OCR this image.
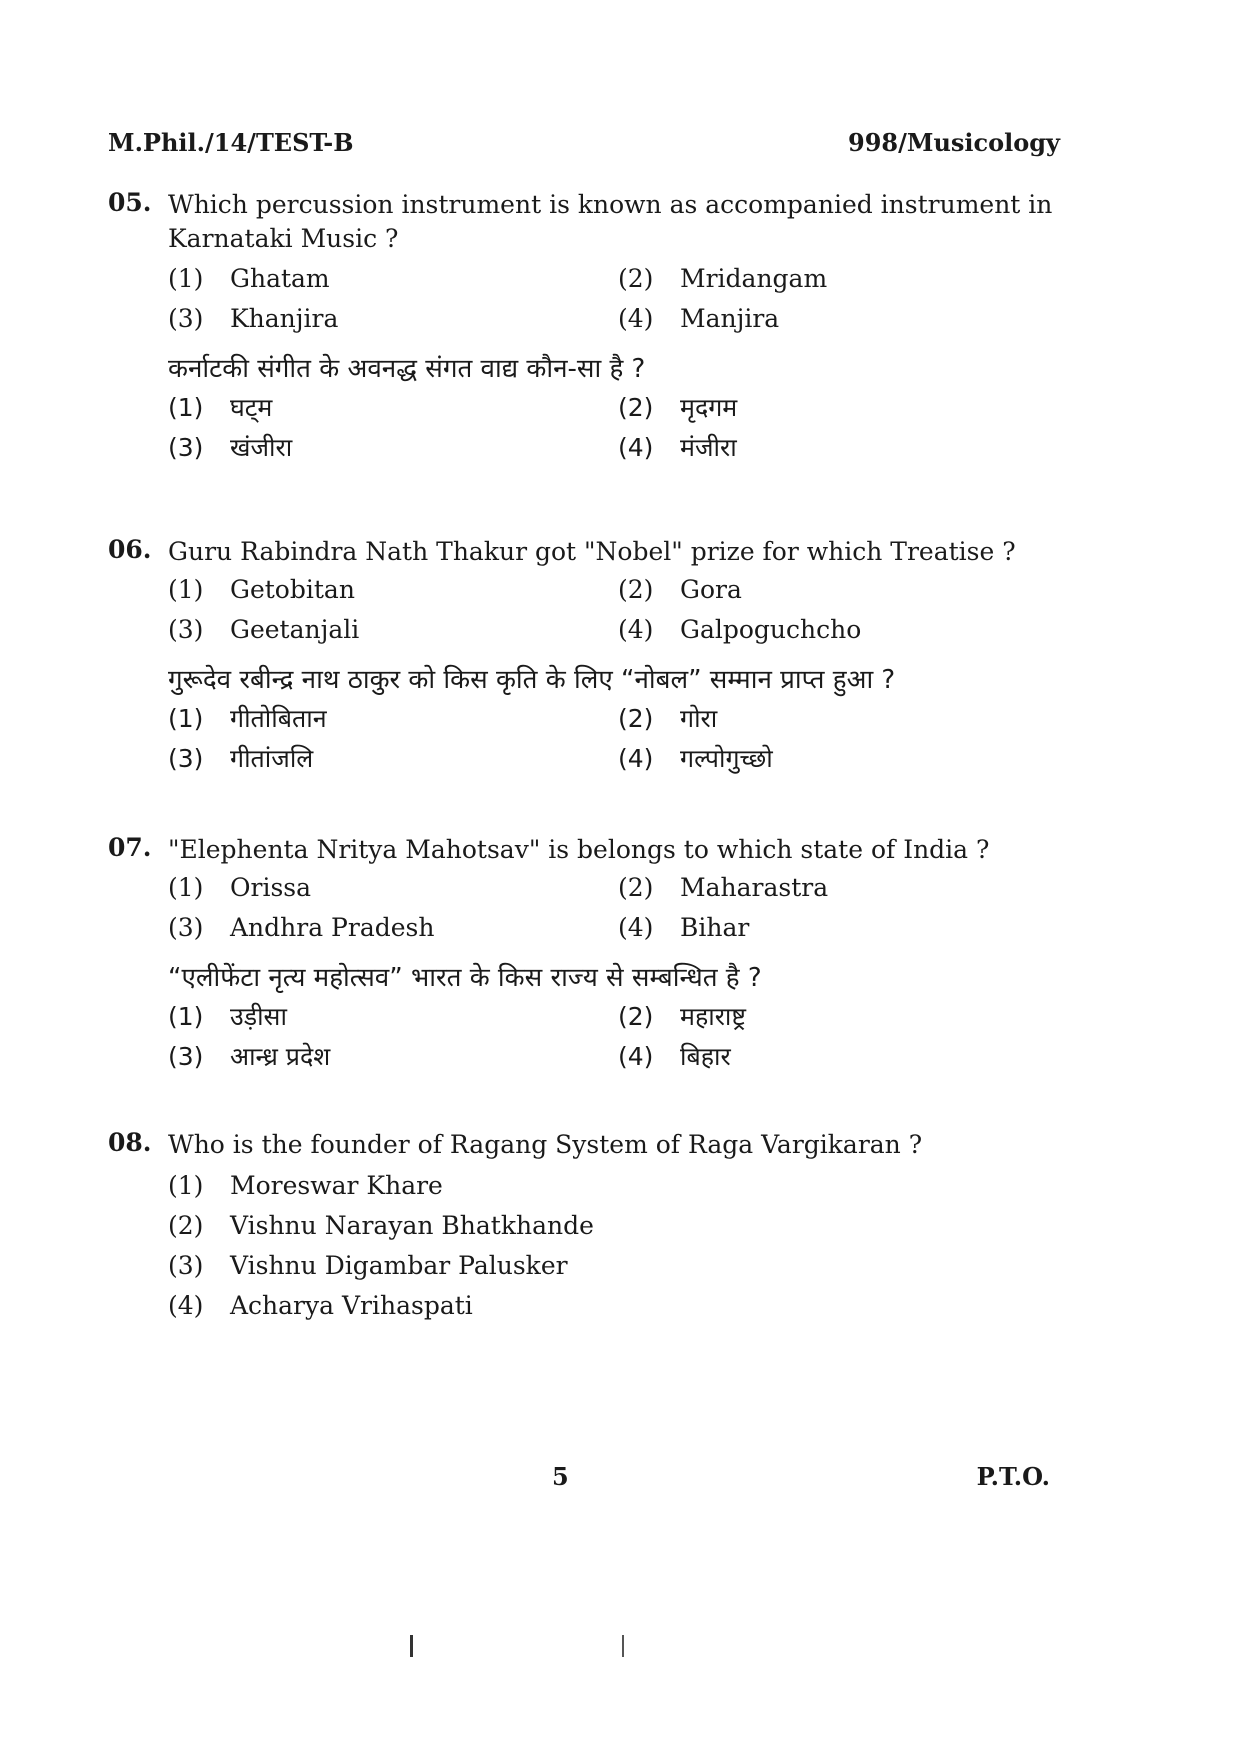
M.Phil./14/TEST-B	998/Musicology
05. Which percussion instrument is known as accompanied instrument in Karnataki Music ?
(1) Ghatam	(2) Mridangam
(3) Khanjira	(4) Manjira
कर्नाटकी संगीत के अवनद्ध संगत वाद्य कौन-सा है ?
(1) घट्म	(2) मृदगम
(3) खंजीरा	(4) मंजीरा
06. Guru Rabindra Nath Thakur got "Nobel" prize for which Treatise ?
(1) Getobitan	(2) Gora
(3) Geetanjali	(4) Galpoguchcho
गुरूदेव रबीन्द्र नाथ ठाकुर को किस कृति के लिए “नोबल” सम्मान प्राप्त हुआ ?
(1) गीतोबितान	(2) गोरा
(3) गीतांजलि	(4) गल्पोगुच्छो
07. "Elephenta Nritya Mahotsav" is belongs to which state of India ?
(1) Orissa	(2) Maharastra
(3) Andhra Pradesh	(4) Bihar
“एलीफेंटा नृत्य महोत्सव” भारत के किस राज्य से सम्बन्धित है ?
(1) उड़ीसा	(2) महाराष्ट्र
(3) आन्ध्र प्रदेश	(4) बिहार
08. Who is the founder of Ragang System of Raga Vargikaran ?
(1) Moreswar Khare
(2) Vishnu Narayan Bhatkhande
(3) Vishnu Digambar Palusker
(4) Acharya Vrihaspati
5	P.T.O.
